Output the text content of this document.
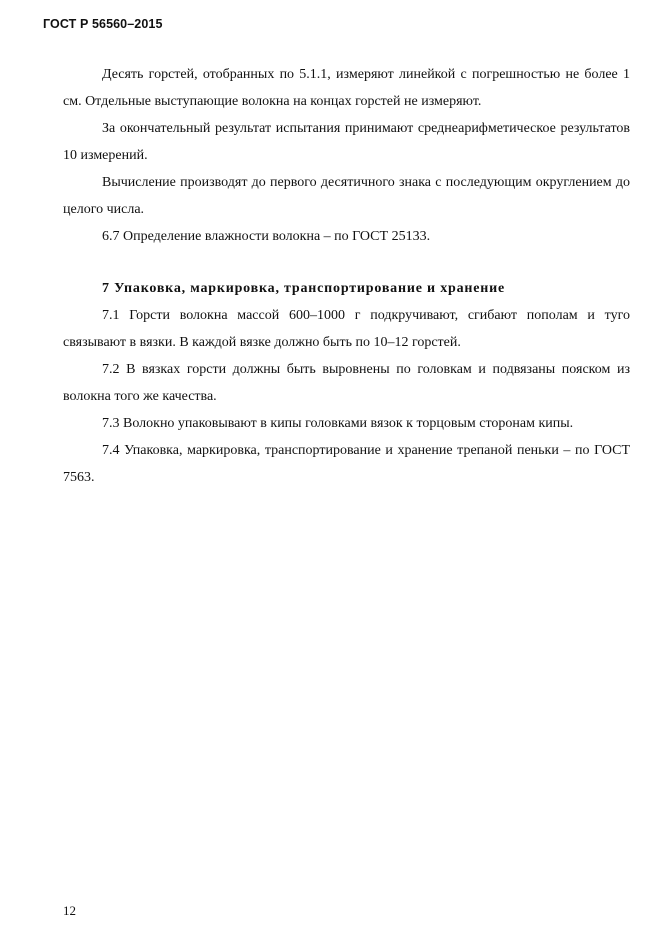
ГОСТ Р 56560–2015

Десять горстей, отобранных по 5.1.1, измеряют линейкой с погрешностью не более 1 см. Отдельные выступающие волокна на концах горстей не измеряют.

За окончательный результат испытания принимают среднеарифметическое результатов 10 измерений.

Вычисление производят до первого десятичного знака с последующим округлением до целого числа.

6.7 Определение влажности волокна – по ГОСТ 25133.

7 Упаковка, маркировка, транспортирование и хранение

7.1 Горсти волокна массой 600–1000 г подкручивают, сгибают пополам и туго связывают в вязки. В каждой вязке должно быть по 10–12 горстей.

7.2 В вязках горсти должны быть выровнены по головкам и подвязаны пояском из волокна того же качества.

7.3 Волокно упаковывают в кипы головками вязок к торцовым сторонам кипы.

7.4 Упаковка, маркировка, транспортирование и хранение трепаной пеньки – по ГОСТ 7563.

12
